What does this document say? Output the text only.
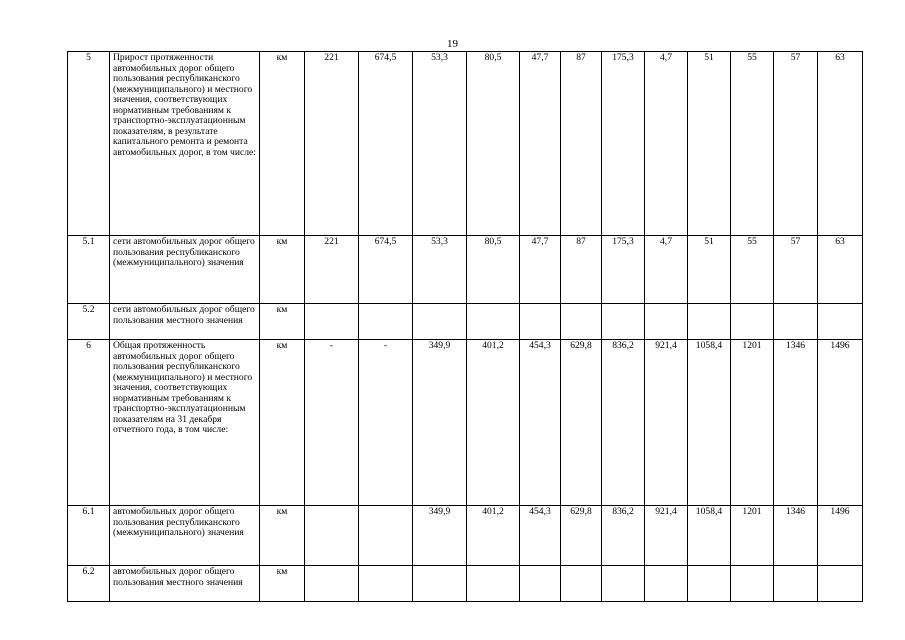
19
5	Прирост протяженности автомобильных дорог общего пользования республиканского (межмуниципального) и местного значения, соответствующих нормативным требованиям к транспортно-эксплуатационным показателям, в результате капитального ремонта и ремонта автомобильных дорог, в том числе:	км	221	674,5	53,3	80,5	47,7	87	175,3	4,7	51	55	57	63
5.1	сети автомобильных дорог общего пользования республиканского (межмуниципального) значения	км	221	674,5	53,3	80,5	47,7	87	175,3	4,7	51	55	57	63
5.2	сети автомобильных дорог общего пользования местного значения	км												
6	Общая протяженность автомобильных дорог общего пользования республиканского (межмуниципального) и местного значения, соответствующих нормативным требованиям к транспортно-эксплуатационным показателям на 31 декабря отчетного года, в том числе:	км	-	-	349,9	401,2	454,3	629,8	836,2	921,4	1058,4	1201	1346	1496
6.1	автомобильных дорог общего пользования республиканского (межмуниципального) значения	км			349,9	401,2	454,3	629,8	836,2	921,4	1058,4	1201	1346	1496
6.2	автомобильных дорог общего пользования местного значения	км												
